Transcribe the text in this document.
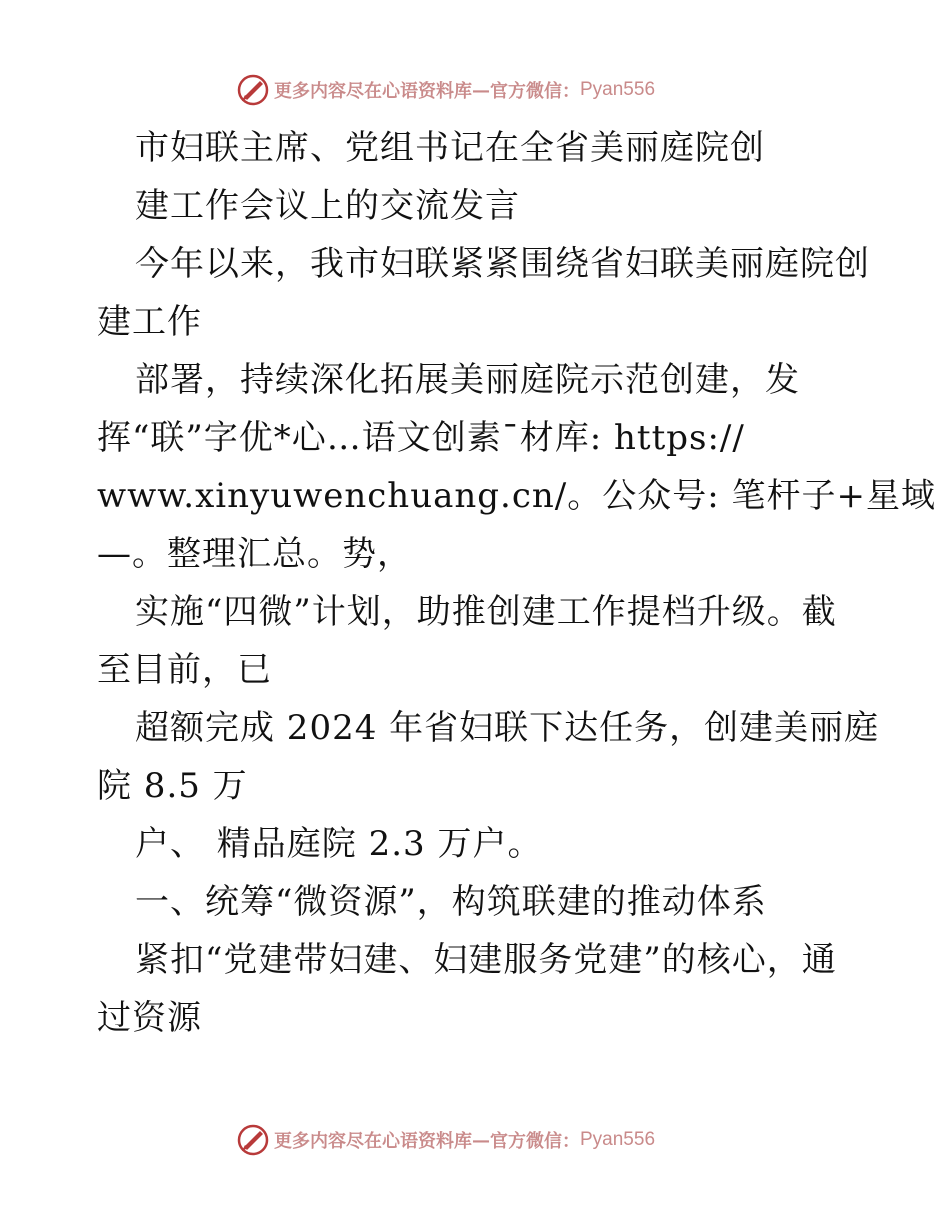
更多内容尽在心语资料库 — 官方微信： Pyan556
市妇联主席、党组书记在全省美丽庭院创
建工作会议上的交流发言
今年以来，我市妇联紧紧围绕省妇联美丽庭院创
建工作
部署，持续深化拓展美丽庭院示范创建，发
挥“联”字优*心…语文创素¯材库: https://
www.xinyuwenchuang.cn/。公众号: 笔杆子+星域
—。整理汇总。势，
实施“四微”计划，助推创建工作提档升级。截
至目前，已
超额完成 2024 年省妇联下达任务，创建美丽庭
院 8.5 万
户、 精品庭院 2.3 万户。
一、统筹“微资源”，构筑联建的推动体系
紧扣“党建带妇建、妇建服务党建”的核心，通
过资源
更多内容尽在心语资料库 — 官方微信： Pyan556
